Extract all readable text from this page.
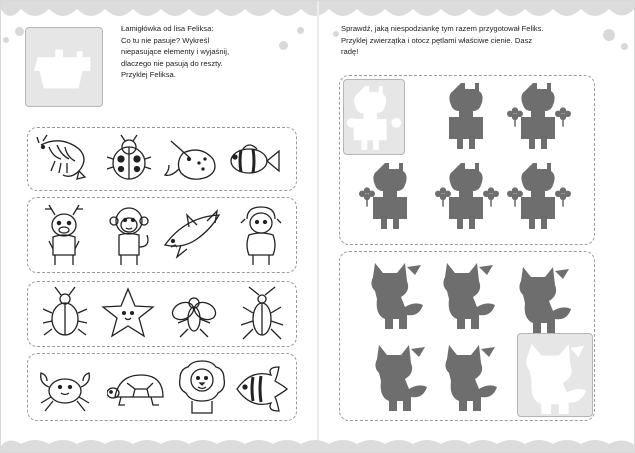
Łamigłówka od lisa Feliksa:
Co tu nie pasuje? Wykreśl
niepasujące elementy i wyjaśnij,
dlaczego nie pasują do reszty.
Przyklej Feliksa.
Sprawdź, jaką niespodziankę tym razem przygotował Feliks.
Przyklej zwierzątka i otocz pętlami właściwe cienie. Dasz
radę!
